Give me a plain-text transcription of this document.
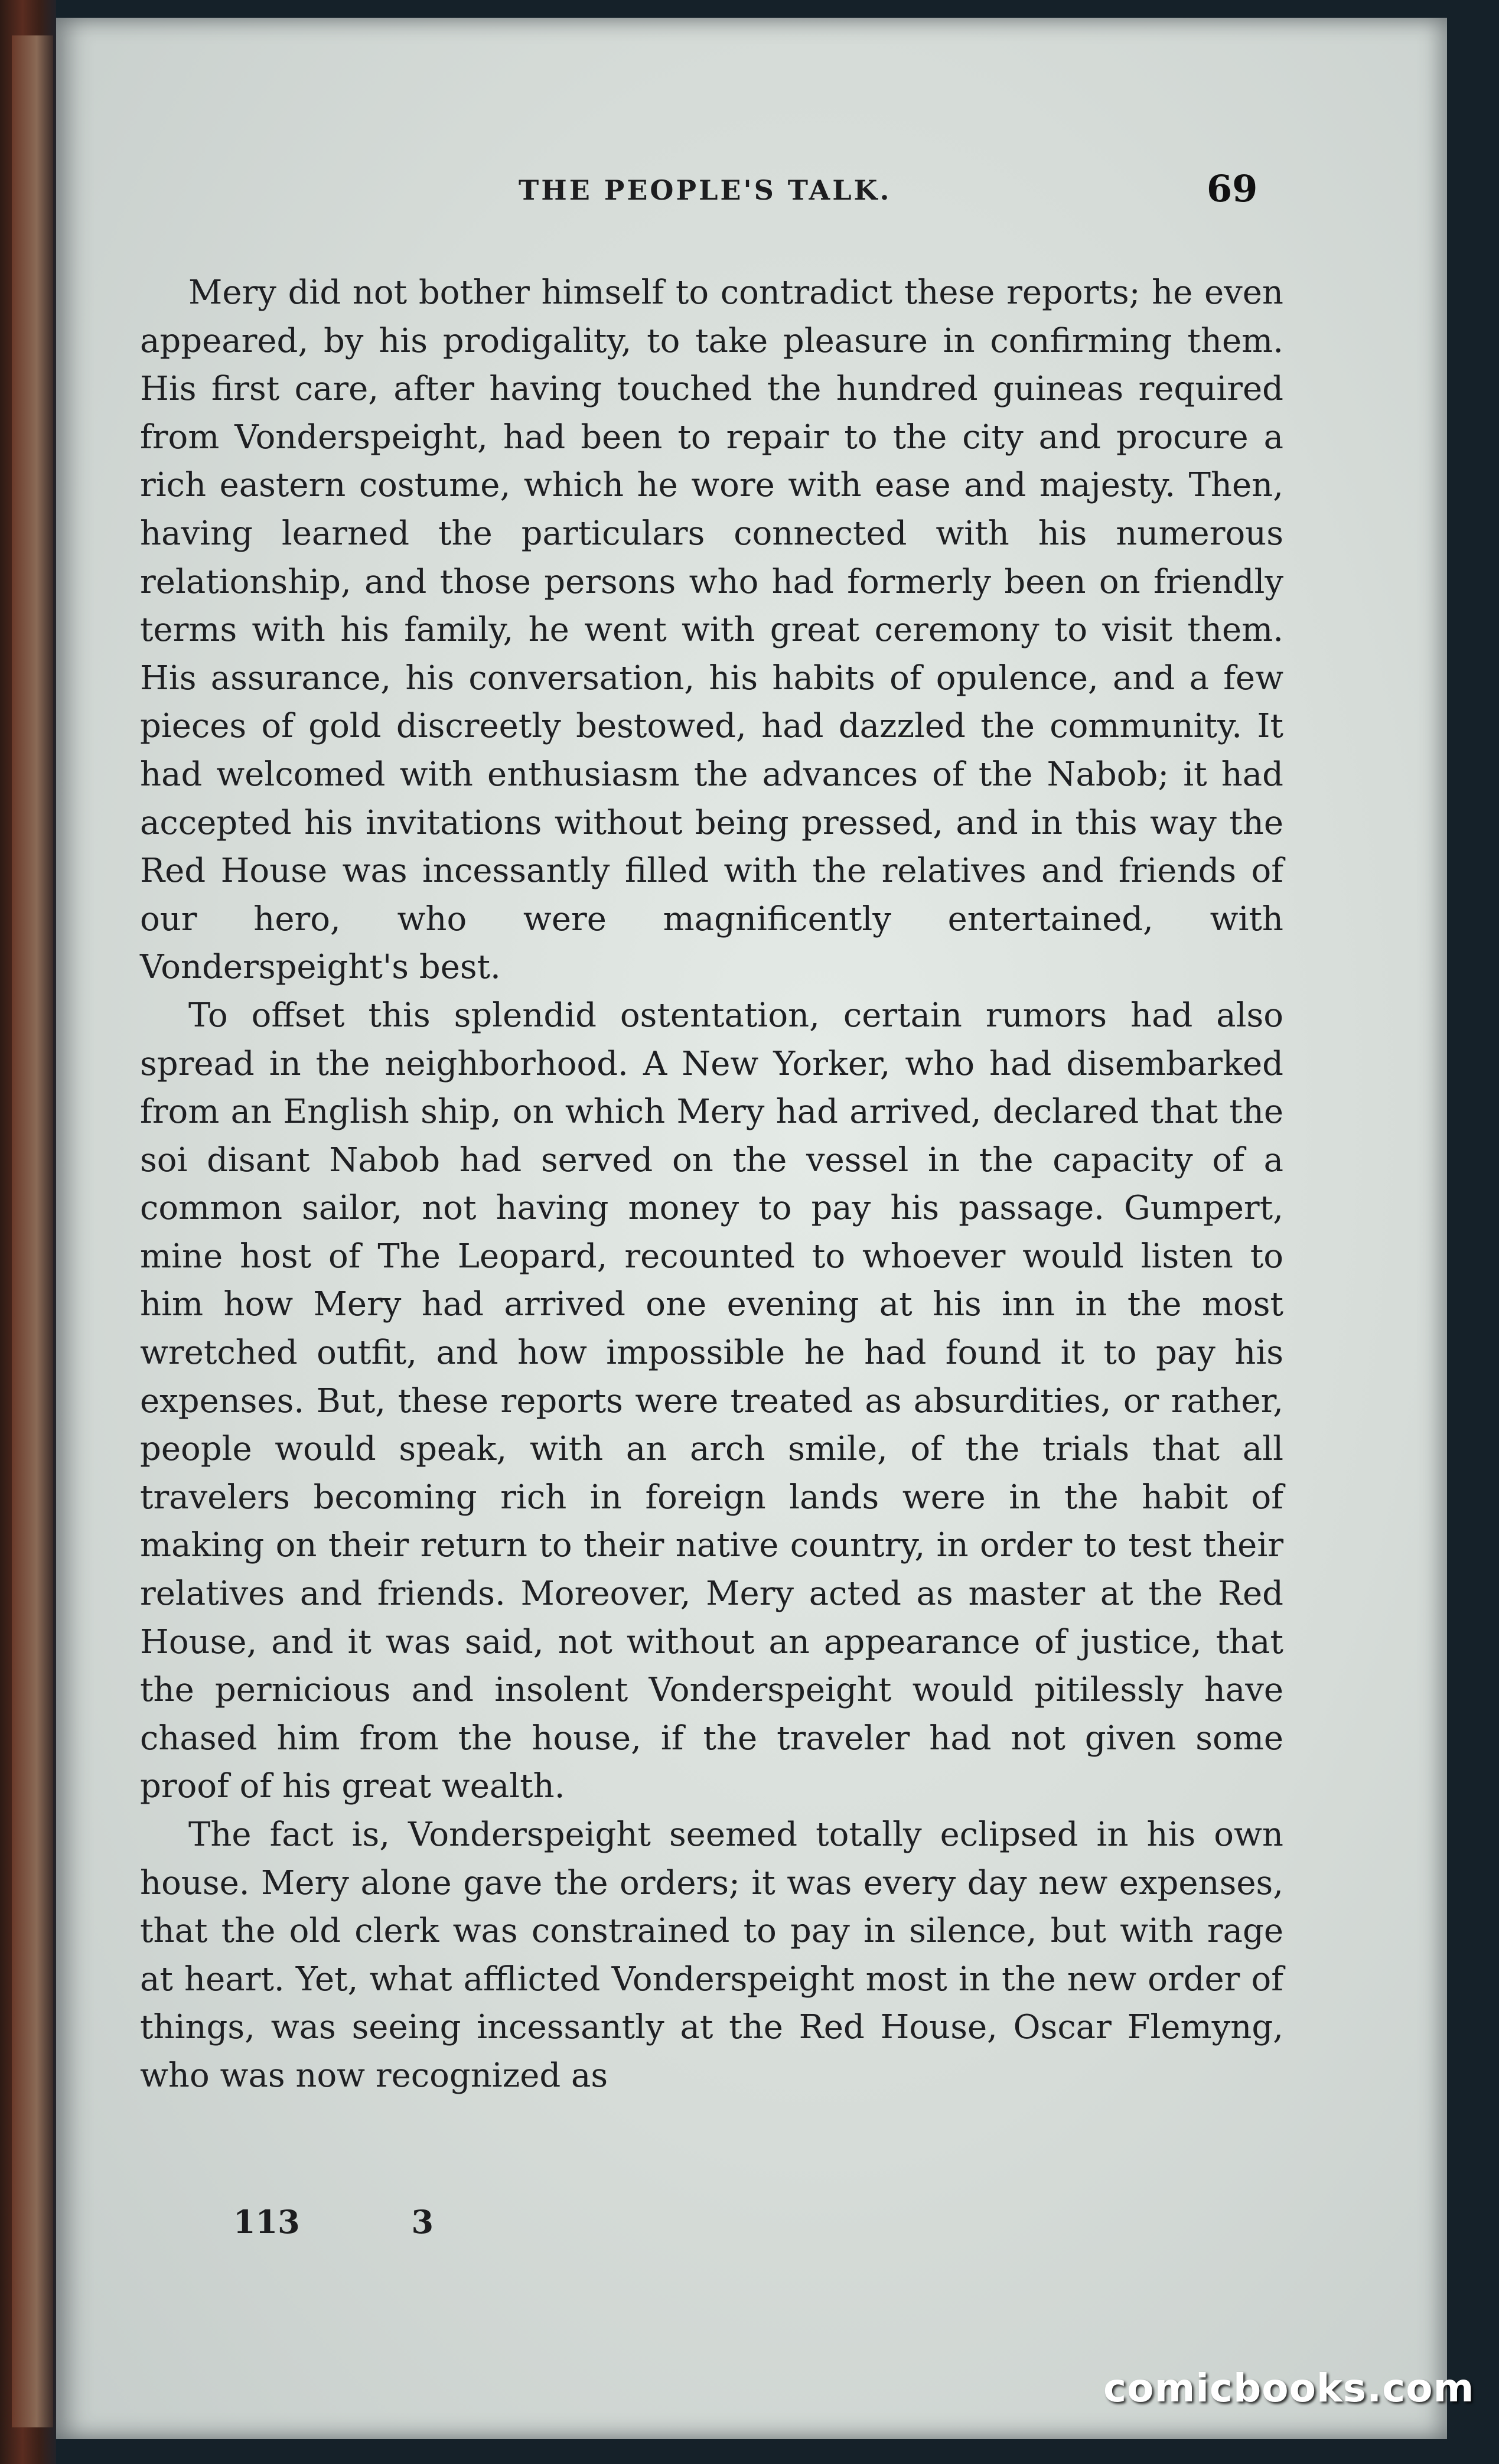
THE PEOPLE'S TALK.	69

Mery did not bother himself to contradict these reports; he even appeared, by his prodigality, to take pleasure in confirming them. His first care, after having touched the hundred guineas required from Vonderspeight, had been to repair to the city and procure a rich eastern costume, which he wore with ease and majesty. Then, having learned the particulars connected with his numerous relationship, and those persons who had formerly been on friendly terms with his family, he went with great ceremony to visit them. His assurance, his conversation, his habits of opulence, and a few pieces of gold discreetly bestowed, had dazzled the community. It had welcomed with enthusiasm the advances of the Nabob; it had accepted his invitations without being pressed, and in this way the Red House was incessantly filled with the relatives and friends of our hero, who were magnificently entertained, with Vonderspeight's best.

To offset this splendid ostentation, certain rumors had also spread in the neighborhood. A New Yorker, who had disembarked from an English ship, on which Mery had arrived, declared that the soi disant Nabob had served on the vessel in the capacity of a common sailor, not having money to pay his passage. Gumpert, mine host of The Leopard, recounted to whoever would listen to him how Mery had arrived one evening at his inn in the most wretched outfit, and how impossible he had found it to pay his expenses. But, these reports were treated as absurdities, or rather, people would speak, with an arch smile, of the trials that all travelers becoming rich in foreign lands were in the habit of making on their return to their native country, in order to test their relatives and friends. Moreover, Mery acted as master at the Red House, and it was said, not without an appearance of justice, that the pernicious and insolent Vonderspeight would pitilessly have chased him from the house, if the traveler had not given some proof of his great wealth.

The fact is, Vonderspeight seemed totally eclipsed in his own house. Mery alone gave the orders; it was every day new expenses, that the old clerk was constrained to pay in silence, but with rage at heart. Yet, what afflicted Vonderspeight most in the new order of things, was seeing incessantly at the Red House, Oscar Flemyng, who was now recognized as

113	3
comicbooks.com
